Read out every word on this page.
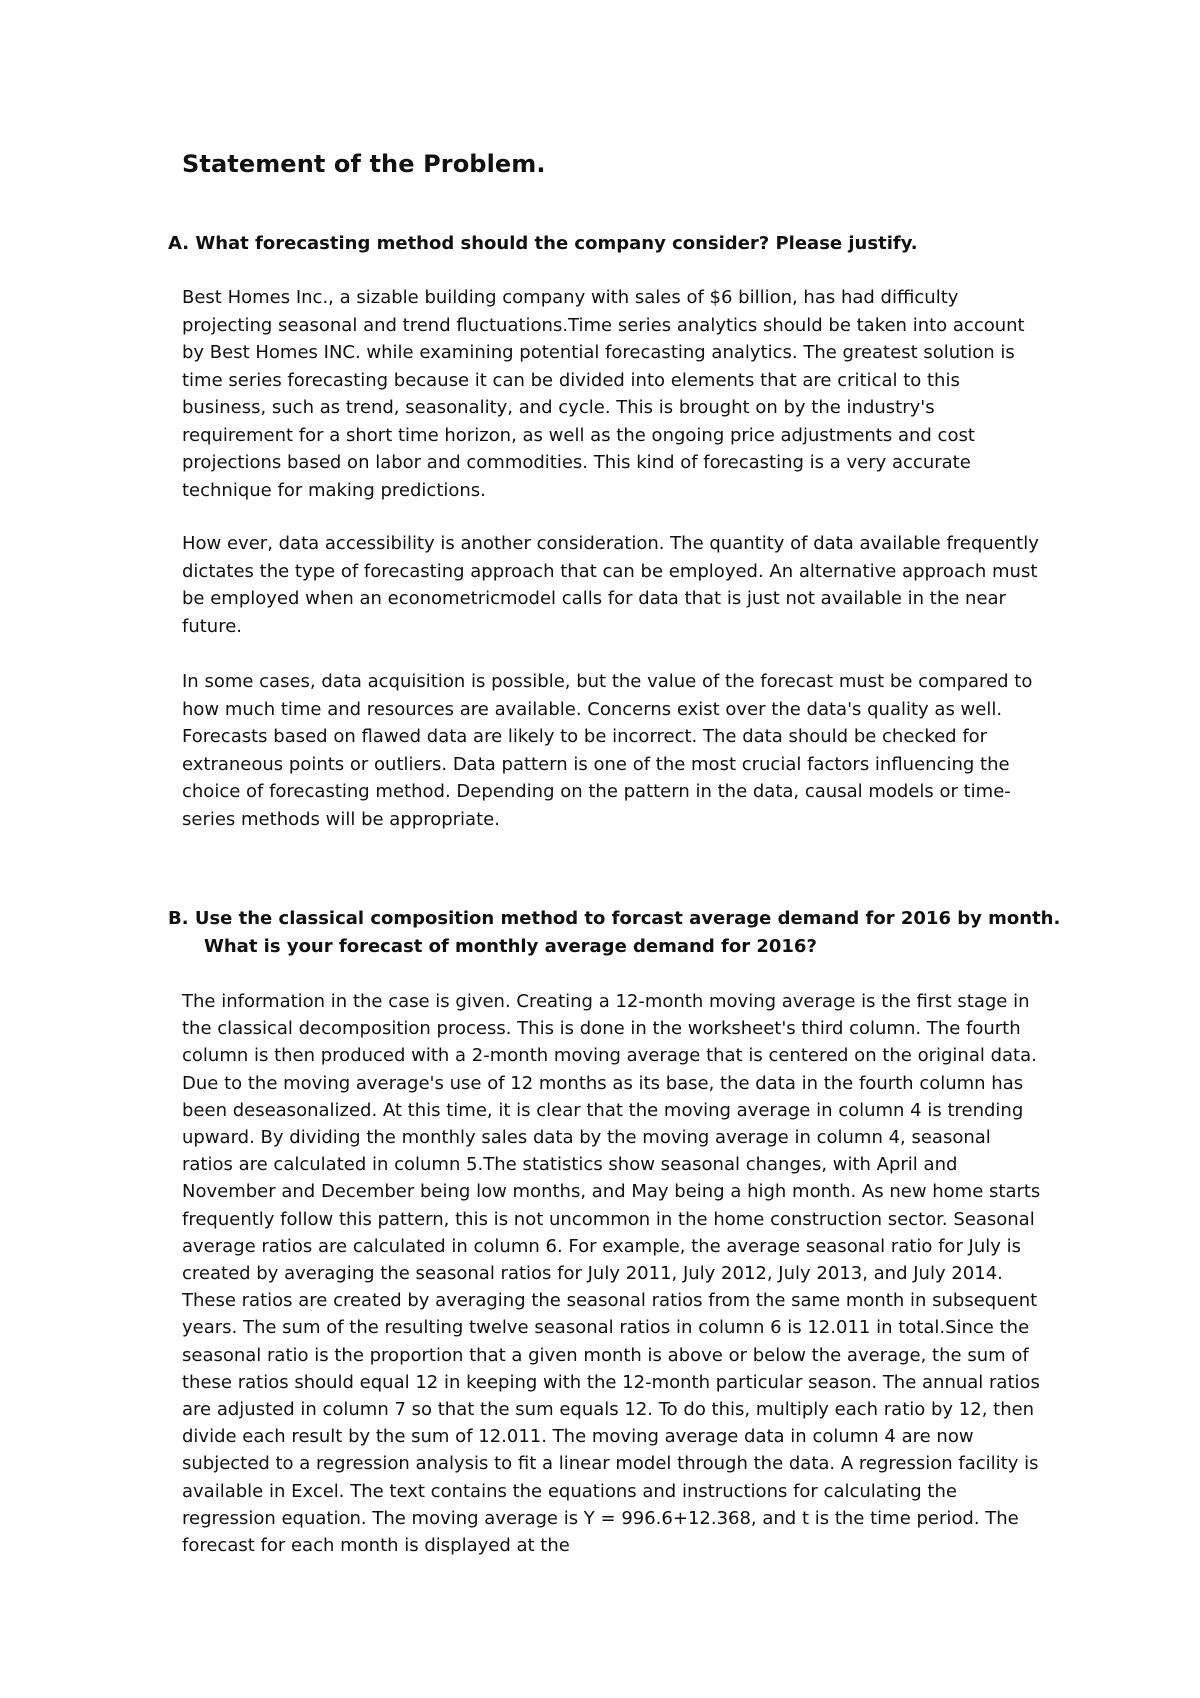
Statement of the Problem.

A. What forecasting method should the company consider? Please justify.

Best Homes Inc., a sizable building company with sales of $6 billion, has had difficulty projecting seasonal and trend fluctuations.Time series analytics should be taken into account by Best Homes INC. while examining potential forecasting analytics. The greatest solution is time series forecasting because it can be divided into elements that are critical to this business, such as trend, seasonality, and cycle. This is brought on by the industry's requirement for a short time horizon, as well as the ongoing price adjustments and cost projections based on labor and commodities. This kind of forecasting is a very accurate technique for making predictions.

How ever, data accessibility is another consideration. The quantity of data available frequently dictates the type of forecasting approach that can be employed. An alternative approach must be employed when an econometricmodel calls for data that is just not available in the near future.

In some cases, data acquisition is possible, but the value of the forecast must be compared to how much time and resources are available. Concerns exist over the data's quality as well. Forecasts based on flawed data are likely to be incorrect. The data should be checked for extraneous points or outliers. Data pattern is one of the most crucial factors influencing the choice of forecasting method. Depending on the pattern in the data, causal models or time-series methods will be appropriate.

B. Use the classical composition method to forcast average demand for 2016 by month.
What is your forecast of monthly average demand for 2016?

The information in the case is given. Creating a 12-month moving average is the first stage in the classical decomposition process. This is done in the worksheet's third column. The fourth column is then produced with a 2-month moving average that is centered on the original data. Due to the moving average's use of 12 months as its base, the data in the fourth column has been deseasonalized. At this time, it is clear that the moving average in column 4 is trending upward. By dividing the monthly sales data by the moving average in column 4, seasonal ratios are calculated in column 5.The statistics show seasonal changes, with April and November and December being low months, and May being a high month. As new home starts frequently follow this pattern, this is not uncommon in the home construction sector. Seasonal average ratios are calculated in column 6. For example, the average seasonal ratio for July is created by averaging the seasonal ratios for July 2011, July 2012, July 2013, and July 2014. These ratios are created by averaging the seasonal ratios from the same month in subsequent years. The sum of the resulting twelve seasonal ratios in column 6 is 12.011 in total.Since the seasonal ratio is the proportion that a given month is above or below the average, the sum of these ratios should equal 12 in keeping with the 12-month particular season. The annual ratios are adjusted in column 7 so that the sum equals 12. To do this, multiply each ratio by 12, then divide each result by the sum of 12.011. The moving average data in column 4 are now subjected to a regression analysis to fit a linear model through the data. A regression facility is available in Excel. The text contains the equations and instructions for calculating the regression equation. The moving average is Y = 996.6+12.368, and t is the time period. The forecast for each month is displayed at the
